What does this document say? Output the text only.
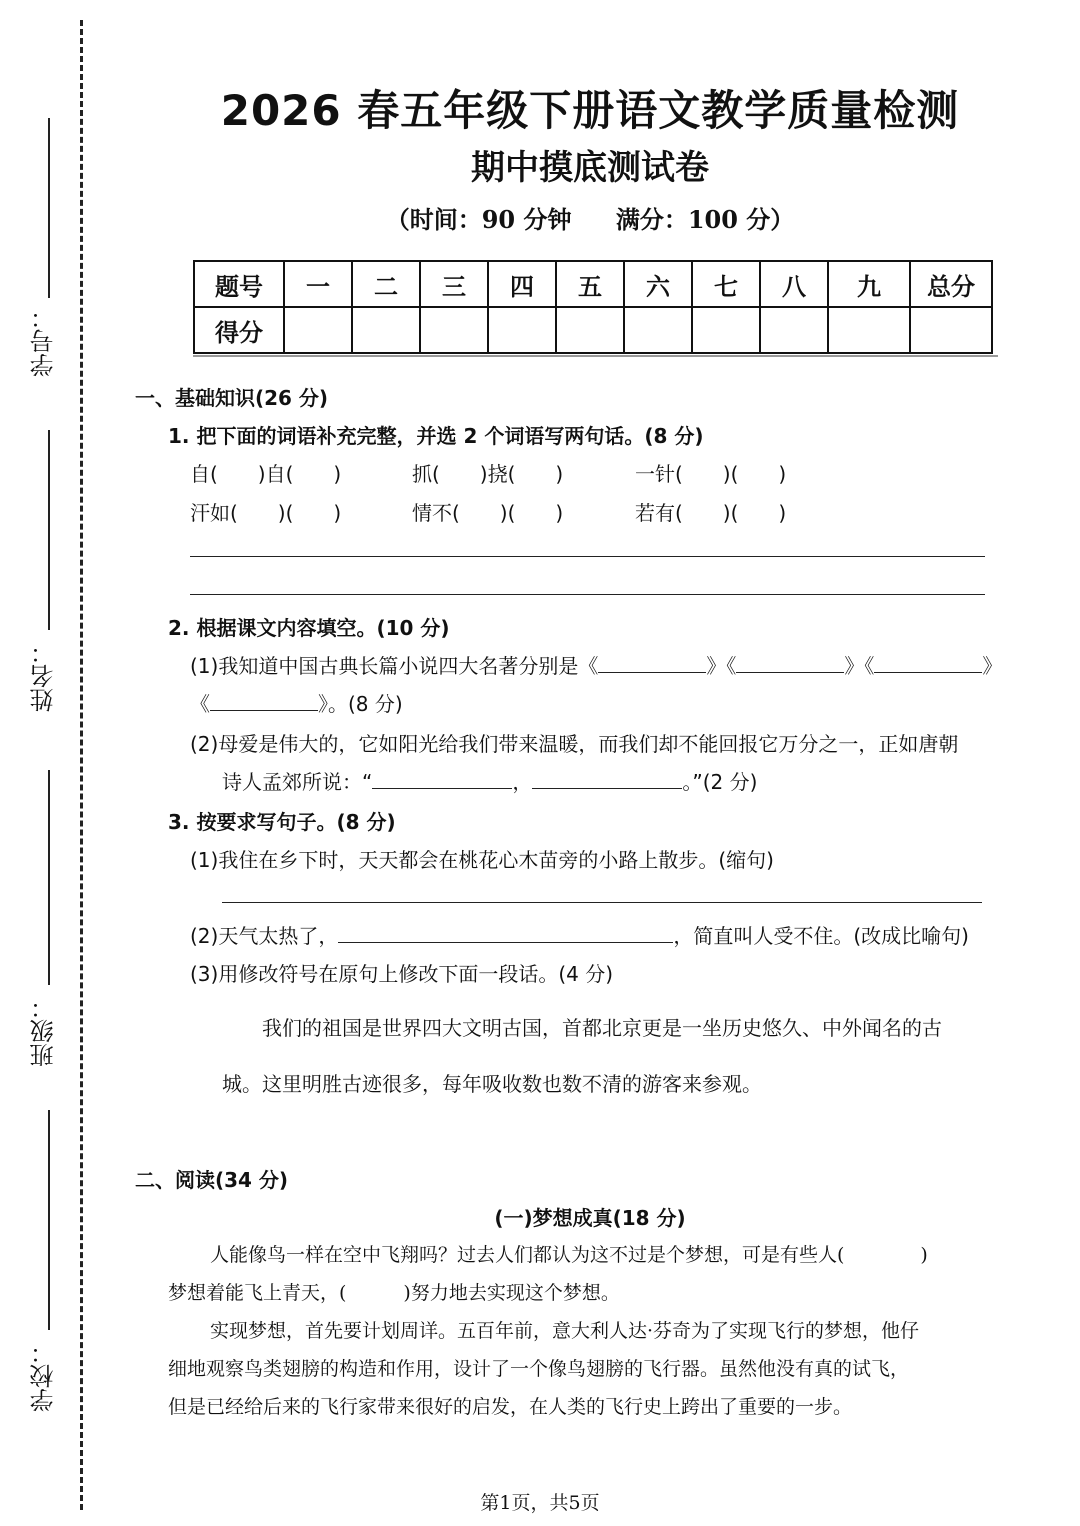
学号：
姓名：
班级：
学校：
2026 春五年级下册语文教学质量检测
期中摸底测试卷
（时间：90 分钟 满分：100 分）
题号	一	二	三	四	五	六	七	八	九	总分
得分										
一、基础知识(26 分)
1. 把下面的词语补充完整，并选 2 个词语写两句话。(8 分)
自(　　)自(　　)	抓(　　)挠(　　)	一针(　　)(　　)
汗如(　　)(　　)	情不(　　)(　　)	若有(　　)(　　)
2. 根据课文内容填空。(10 分)
(1)我知道中国古典长篇小说四大名著分别是《	》《	》《	》
《	》。(8 分)
(2)母爱是伟大的，它如阳光给我们带来温暖，而我们却不能回报它万分之一，正如唐朝
诗人孟郊所说：“	，	。”(2 分)
3. 按要求写句子。(8 分)
(1)我住在乡下时，天天都会在桃花心木苗旁的小路上散步。(缩句)
(2)天气太热了，	，简直叫人受不住。(改成比喻句)
(3)用修改符号在原句上修改下面一段话。(4 分)
我们的祖国是世界四大文明古国，首都北京更是一坐历史悠久、中外闻名的古
城。这里明胜古迹很多，每年吸收数也数不清的游客来参观。
二、阅读(34 分)
(一)梦想成真(18 分)
人能像鸟一样在空中飞翔吗？过去人们都认为这不过是个梦想，可是有些人(　　　　)
梦想着能飞上青天，(　　　)努力地去实现这个梦想。
实现梦想，首先要计划周详。五百年前，意大利人达·芬奇为了实现飞行的梦想，他仔
细地观察鸟类翅膀的构造和作用，设计了一个像鸟翅膀的飞行器。虽然他没有真的试飞，
但是已经给后来的飞行家带来很好的启发，在人类的飞行史上跨出了重要的一步。
第1页，共5页
